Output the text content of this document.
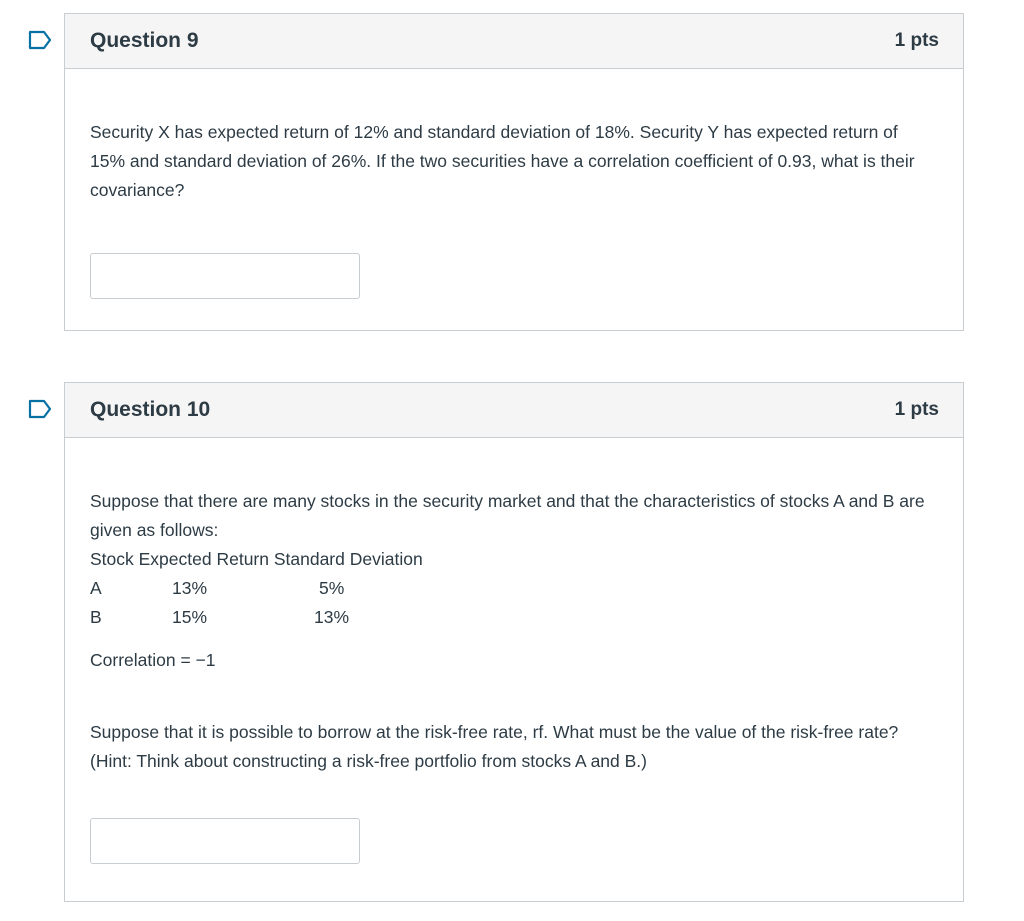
Question 9	1 pts
Security X has expected return of 12% and standard deviation of 18%. Security Y has expected return of 15% and standard deviation of 26%. If the two securities have a correlation coefficient of 0.93, what is their covariance?
Question 10	1 pts
Suppose that there are many stocks in the security market and that the characteristics of stocks A and B are given as follows:
Stock Expected Return Standard Deviation
A	13%	5%
B	15%	13%
Correlation = −1
Suppose that it is possible to borrow at the risk-free rate, rf. What must be the value of the risk-free rate? (Hint: Think about constructing a risk-free portfolio from stocks A and B.)
